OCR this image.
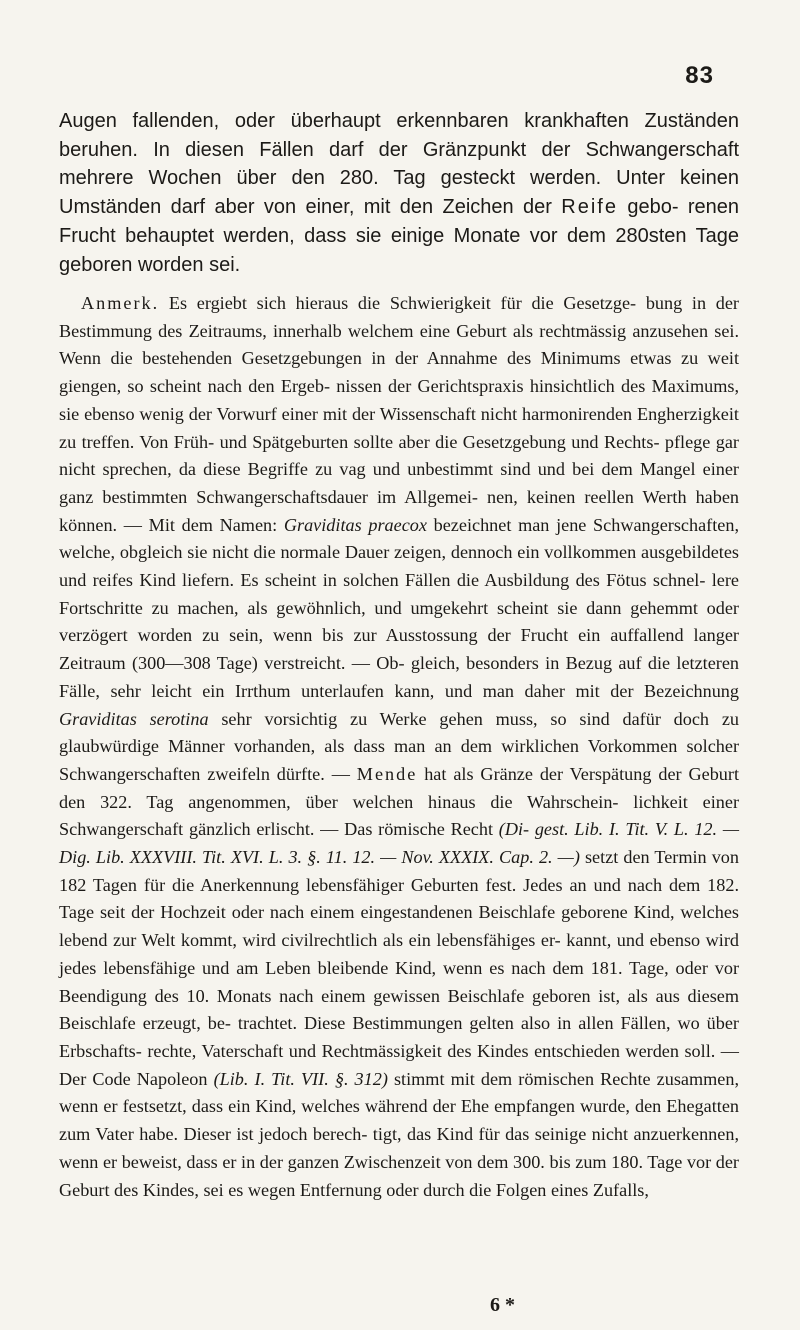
83

Augen fallenden, oder überhaupt erkennbaren krankhaften Zuständen beruhen. In diesen Fällen darf der Gränzpunkt der Schwangerschaft mehrere Wochen über den 280. Tag gesteckt werden. Unter keinen Umständen darf aber von einer, mit den Zeichen der Reife gebo- renen Frucht behauptet werden, dass sie einige Monate vor dem 280sten Tage geboren worden sei.

Anmerk. Es ergiebt sich hieraus die Schwierigkeit für die Gesetzge- bung in der Bestimmung des Zeitraums, innerhalb welchem eine Geburt als rechtmässig anzusehen sei. Wenn die bestehenden Gesetzgebungen in der Annahme des Minimums etwas zu weit giengen, so scheint nach den Ergeb- nissen der Gerichtspraxis hinsichtlich des Maximums, sie ebenso wenig der Vorwurf einer mit der Wissenschaft nicht harmonirenden Engherzigkeit zu treffen. Von Früh- und Spätgeburten sollte aber die Gesetzgebung und Rechts- pflege gar nicht sprechen, da diese Begriffe zu vag und unbestimmt sind und bei dem Mangel einer ganz bestimmten Schwangerschaftsdauer im Allgemei- nen, keinen reellen Werth haben können. — Mit dem Namen: Graviditas praecox bezeichnet man jene Schwangerschaften, welche, obgleich sie nicht die normale Dauer zeigen, dennoch ein vollkommen ausgebildetes und reifes Kind liefern. Es scheint in solchen Fällen die Ausbildung des Fötus schnel- lere Fortschritte zu machen, als gewöhnlich, und umgekehrt scheint sie dann gehemmt oder verzögert worden zu sein, wenn bis zur Ausstossung der Frucht ein auffallend langer Zeitraum (300—308 Tage) verstreicht. — Ob- gleich, besonders in Bezug auf die letzteren Fälle, sehr leicht ein Irrthum unterlaufen kann, und man daher mit der Bezeichnung Graviditas serotina sehr vorsichtig zu Werke gehen muss, so sind dafür doch zu glaubwürdige Männer vorhanden, als dass man an dem wirklichen Vorkommen solcher Schwangerschaften zweifeln dürfte. — Mende hat als Gränze der Verspätung der Geburt den 322. Tag angenommen, über welchen hinaus die Wahrschein- lichkeit einer Schwangerschaft gänzlich erlischt. — Das römische Recht (Di- gest. Lib. I. Tit. V. L. 12. — Dig. Lib. XXXVIII. Tit. XVI. L. 3. §. 11. 12. — Nov. XXXIX. Cap. 2. —) setzt den Termin von 182 Tagen für die Anerkennung lebensfähiger Geburten fest. Jedes an und nach dem 182. Tage seit der Hochzeit oder nach einem eingestandenen Beischlafe geborene Kind, welches lebend zur Welt kommt, wird civilrechtlich als ein lebensfähiges er- kannt, und ebenso wird jedes lebensfähige und am Leben bleibende Kind, wenn es nach dem 181. Tage, oder vor Beendigung des 10. Monats nach einem gewissen Beischlafe geboren ist, als aus diesem Beischlafe erzeugt, be- trachtet. Diese Bestimmungen gelten also in allen Fällen, wo über Erbschafts- rechte, Vaterschaft und Rechtmässigkeit des Kindes entschieden werden soll. — Der Code Napoleon (Lib. I. Tit. VII. §. 312) stimmt mit dem römischen Rechte zusammen, wenn er festsetzt, dass ein Kind, welches während der Ehe empfangen wurde, den Ehegatten zum Vater habe. Dieser ist jedoch berech- tigt, das Kind für das seinige nicht anzuerkennen, wenn er beweist, dass er in der ganzen Zwischenzeit von dem 300. bis zum 180. Tage vor der Geburt des Kindes, sei es wegen Entfernung oder durch die Folgen eines Zufalls,

6 *
